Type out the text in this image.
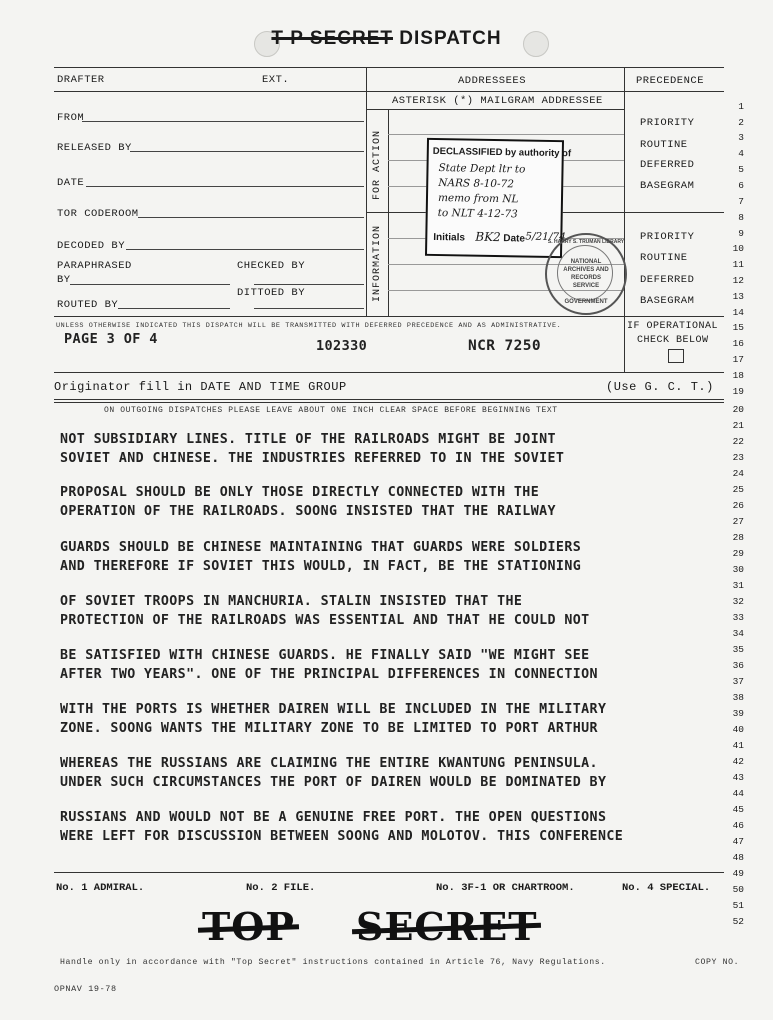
T P SECRET DISPATCH
DRAFTER	EXT.	ADDRESSEES	PRECEDENCE
ASTERISK (*) MAILGRAM ADDRESSEE
FROM
RELEASED BY
DATE
TOR CODEROOM
DECODED BY
PARAPHRASED BY
CHECKED BY
ROUTED BY
DITTOED BY
FOR ACTION
INFORMATION
PRIORITY
ROUTINE
DEFERRED
BASEGRAM
PRIORITY
ROUTINE
DEFERRED
BASEGRAM
DECLASSIFIED by authority of
State Dept ltr to
NARS 8-10-72
memo from NL
to NLT 4-12-73
Initials BK2 Date 5/21/74
S. HARRY S. TRUMAN LIBRARY
NATIONAL
ARCHIVES AND
RECORDS
SERVICE
GOVERNMENT
UNLESS OTHERWISE INDICATED THIS DISPATCH WILL BE TRANSMITTED WITH DEFERRED PRECEDENCE AND AS ADMINISTRATIVE.	IF OPERATIONAL
CHECK BELOW
PAGE 3 OF 4	102330	NCR 7250
Originator fill in DATE AND TIME GROUP	(Use G. C. T.)
ON OUTGOING DISPATCHES PLEASE LEAVE ABOUT ONE INCH CLEAR SPACE BEFORE BEGINNING TEXT
1
2
3
4
5
6
7
8
9
10
11
12
13
14
15
16
17
18
19
20
21
22
23
24
25
26
27
28
29
30
31
32
33
34
35
36
37
38
39
40
41
42
43
44
45
46
47
48
49
50
51
52
NOT SUBSIDIARY LINES. TITLE OF THE RAILROADS MIGHT BE JOINT
SOVIET AND CHINESE. THE INDUSTRIES REFERRED TO IN THE SOVIET
PROPOSAL SHOULD BE ONLY THOSE DIRECTLY CONNECTED WITH THE
OPERATION OF THE RAILROADS. SOONG INSISTED THAT THE RAILWAY
GUARDS SHOULD BE CHINESE MAINTAINING THAT GUARDS WERE SOLDIERS
AND THEREFORE IF SOVIET THIS WOULD, IN FACT, BE THE STATIONING
OF SOVIET TROOPS IN MANCHURIA. STALIN INSISTED THAT THE
PROTECTION OF THE RAILROADS WAS ESSENTIAL AND THAT HE COULD NOT
BE SATISFIED WITH CHINESE GUARDS. HE FINALLY SAID "WE MIGHT SEE
AFTER TWO YEARS". ONE OF THE PRINCIPAL DIFFERENCES IN CONNECTION
WITH THE PORTS IS WHETHER DAIREN WILL BE INCLUDED IN THE MILITARY
ZONE. SOONG WANTS THE MILITARY ZONE TO BE LIMITED TO PORT ARTHUR
WHEREAS THE RUSSIANS ARE CLAIMING THE ENTIRE KWANTUNG PENINSULA.
UNDER SUCH CIRCUMSTANCES THE PORT OF DAIREN WOULD BE DOMINATED BY
RUSSIANS AND WOULD NOT BE A GENUINE FREE PORT. THE OPEN QUESTIONS
WERE LEFT FOR DISCUSSION BETWEEN SOONG AND MOLOTOV. THIS CONFERENCE
No. 1 ADMIRAL.	No. 2 FILE.	No. 3F-1 OR CHARTROOM.	No. 4 SPECIAL.
TOP SECRET
Handle only in accordance with "Top Secret" instructions contained in Article 76, Navy Regulations.	COPY NO.
OPNAV 19-78
